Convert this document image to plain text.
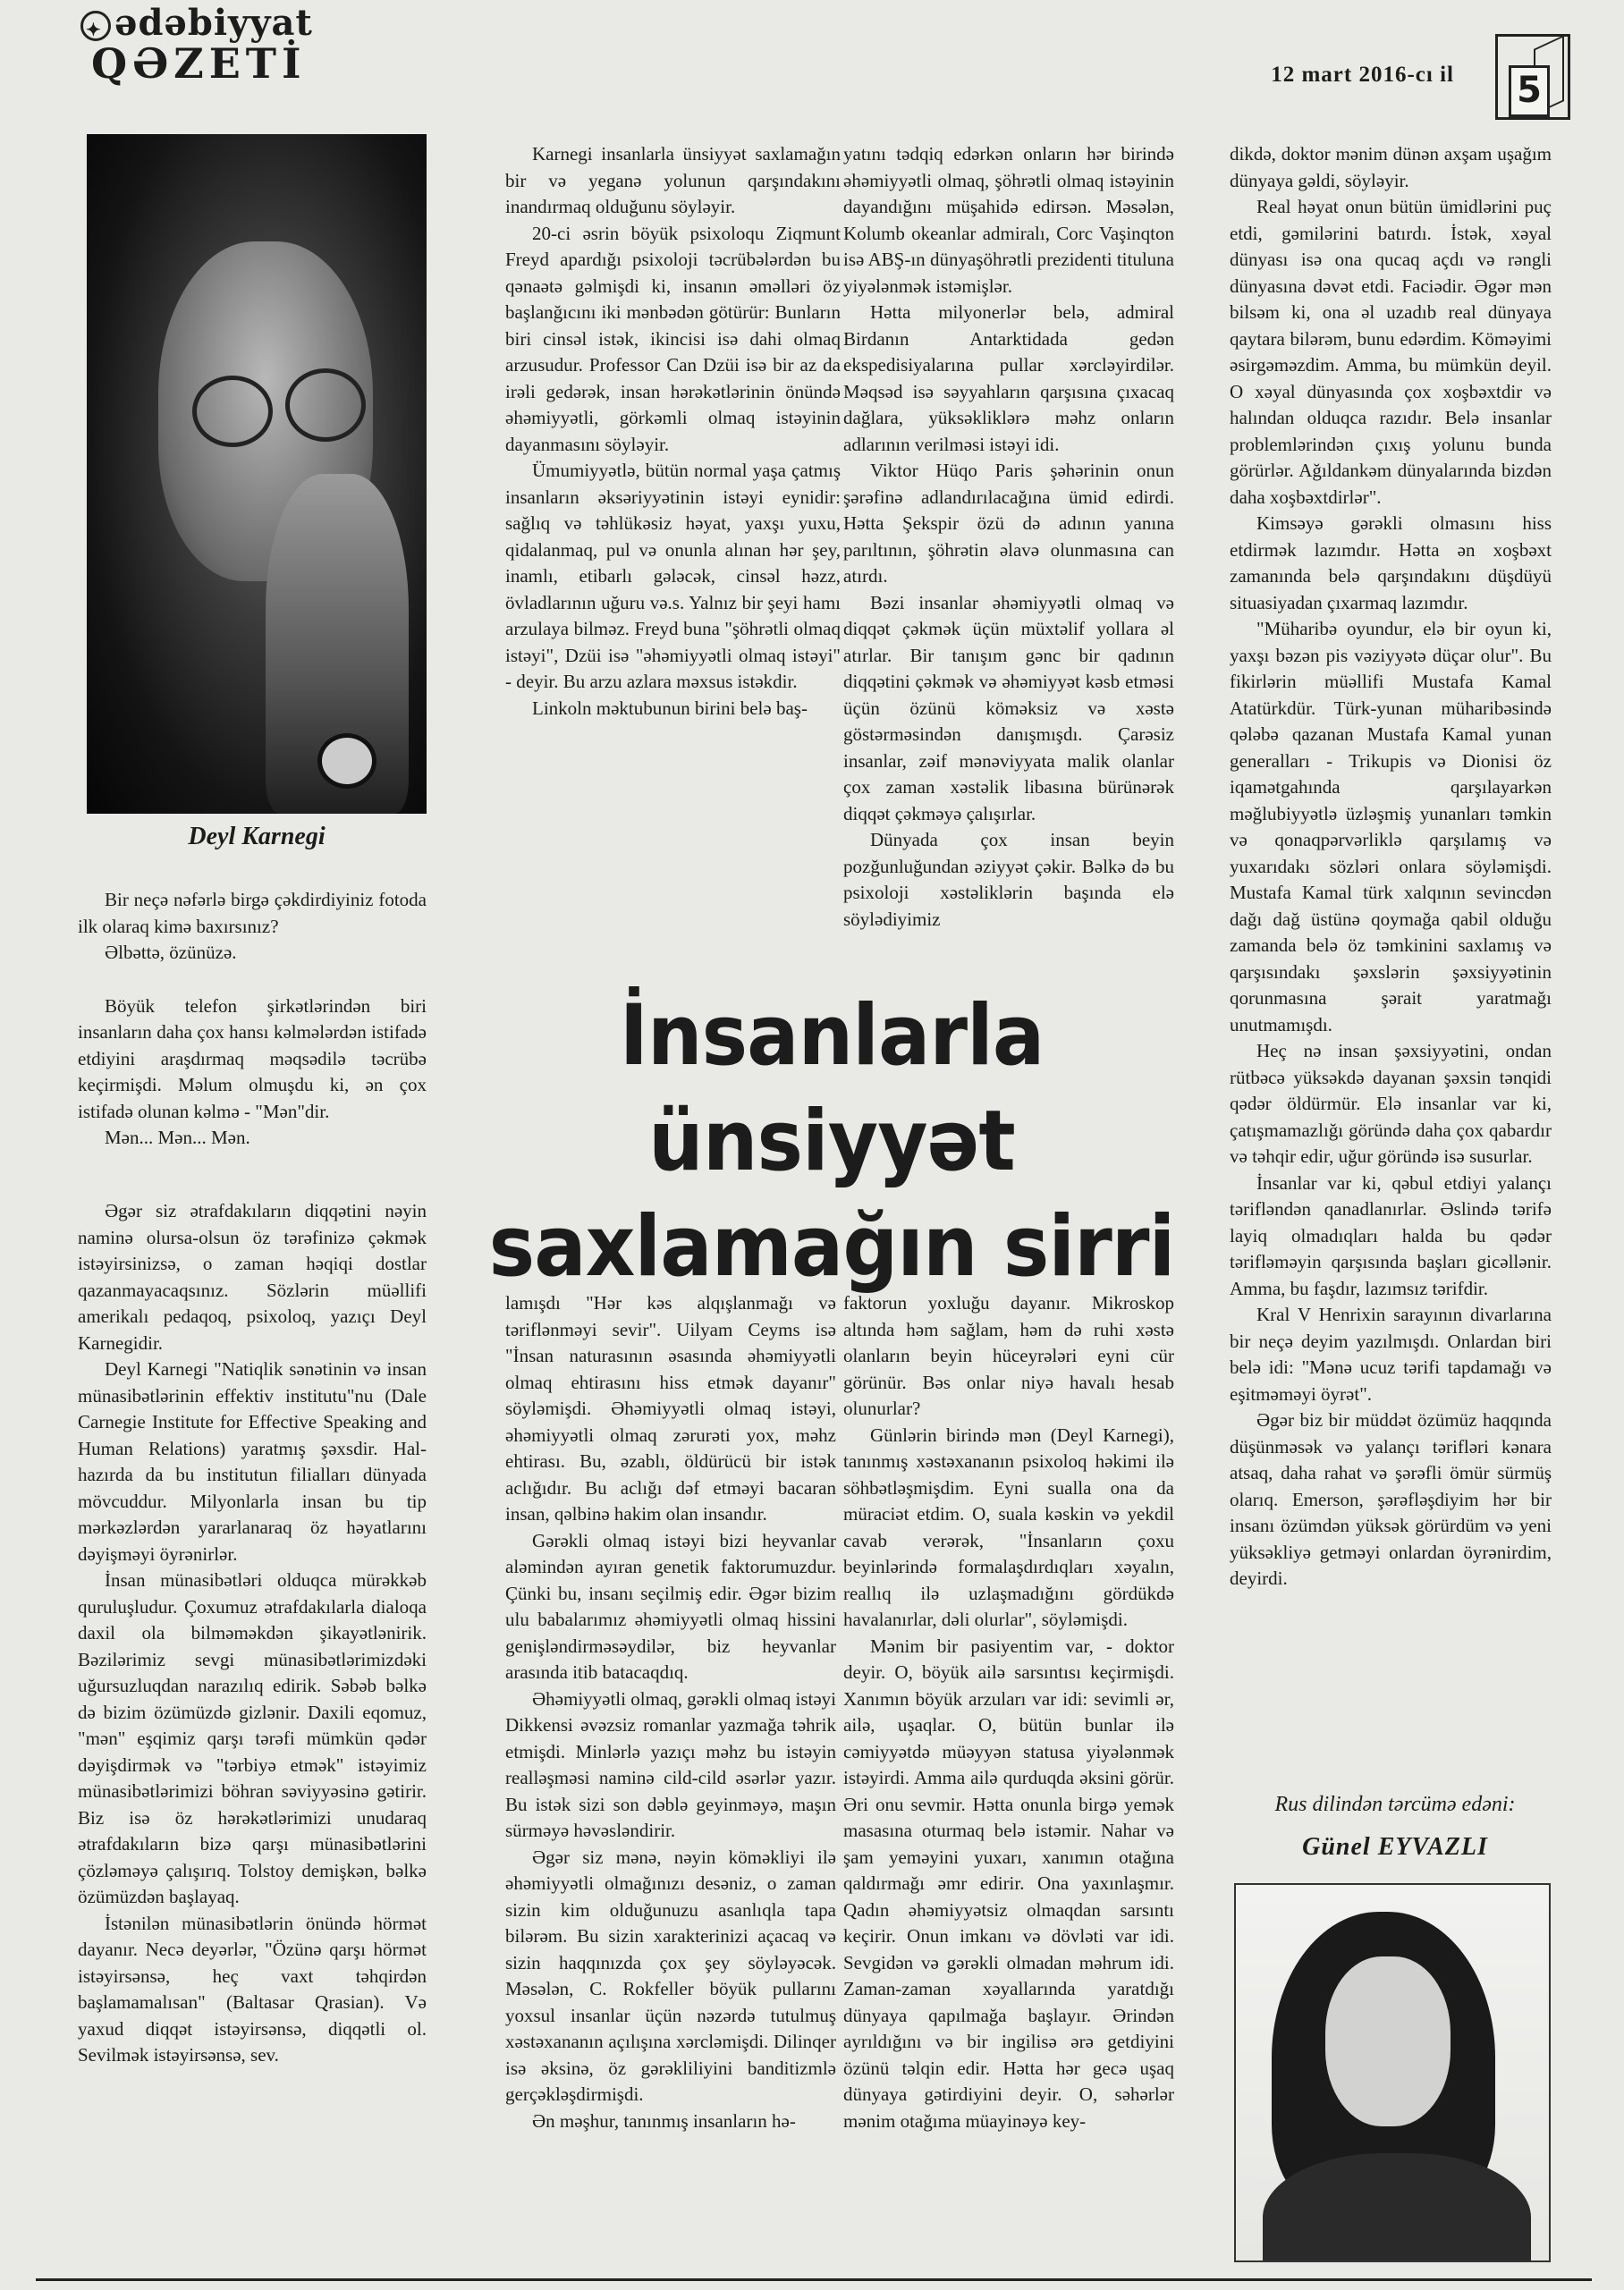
✦ədəbiyyat
QƏZETİ	12 mart 2016-cı il 5
Deyl Karnegi

Bir neçə nəfərlə birgə çəkdirdiyiniz fotoda ilk olaraq kimə baxırsınız?

Əlbəttə, özünüzə.

Böyük telefon şirkətlərindən biri insanların daha çox hansı kəlmələrdən istifadə etdiyini araşdırmaq məqsədilə təcrübə keçirmişdi. Məlum olmuşdu ki, ən çox istifadə olunan kəlmə - "Mən"dir.

Mən... Mən... Mən.

Əgər siz ətrafdakıların diqqətini nəyin naminə olursa-olsun öz tərəfinizə çəkmək istəyirsinizsə, o zaman həqiqi dostlar qazanmayacaqsınız. Sözlərin müəllifi amerikalı pedaqoq, psixoloq, yazıçı Deyl Karnegidir.

Deyl Karnegi "Natiqlik sənətinin və insan münasibətlərinin effektiv institutu"nu (Dale Carnegie Institute for Effective Speaking and Human Relations) yaratmış şəxsdir. Hal-hazırda da bu institutun filialları dünyada mövcuddur. Milyonlarla insan bu tip mərkəzlərdən yararlanaraq öz həyatlarını dəyişməyi öyrənirlər.

İnsan münasibətləri olduqca mürəkkəb quruluşludur. Çoxumuz ətrafdakılarla dialoqa daxil ola bilməməkdən şikayətlənirik. Bəzilərimiz sevgi münasibətlərimizdəki uğursuzluqdan narazılıq edirik. Səbəb bəlkə də bizim özümüzdə gizlənir. Daxili eqomuz, "mən" eşqimiz qarşı tərəfi mümkün qədər dəyişdirmək və "tərbiyə etmək" istəyimiz münasibətlərimizi böhran səviyyəsinə gətirir. Biz isə öz hərəkətlərimizi unudaraq ətrafdakıların bizə qarşı münasibətlərini çözləməyə çalışırıq. Tolstoy demişkən, bəlkə özümüzdən başlayaq.

İstənilən münasibətlərin önündə hörmət dayanır. Necə deyərlər, "Özünə qarşı hörmət istəyirsənsə, heç vaxt təhqirdən başlamamalısan" (Baltasar Qrasian). Və yaxud diqqət istəyirsənsə, diqqətli ol. Sevilmək istəyirsənsə, sev.

Karnegi insanlarla ünsiyyət saxlamağın bir və yeganə yolunun qarşındakını inandırmaq olduğunu söyləyir.

20-ci əsrin böyük psixoloqu Ziqmunt Freyd apardığı psixoloji təcrübələrdən bu qənaətə gəlmişdi ki, insanın əməlləri öz başlanğıcını iki mənbədən götürür: Bunların biri cinsəl istək, ikincisi isə dahi olmaq arzusudur. Professor Can Dzüi isə bir az da irəli gedərək, insan hərəkətlərinin önündə əhəmiyyətli, görkəmli olmaq istəyinin dayanmasını söyləyir.

Ümumiyyətlə, bütün normal yaşa çatmış insanların əksəriyyətinin istəyi eynidir: sağlıq və təhlükəsiz həyat, yaxşı yuxu, qidalanmaq, pul və onunla alınan hər şey, inamlı, etibarlı gələcək, cinsəl həzz, övladlarının uğuru və.s. Yalnız bir şeyi hamı arzulaya bilməz. Freyd buna "şöhrətli olmaq istəyi", Dzüi isə "əhəmiyyətli olmaq istəyi" - deyir. Bu arzu azlara məxsus istəkdir.

Linkoln məktubunun birini belə baş-

yatını tədqiq edərkən onların hər birində əhəmiyyətli olmaq, şöhrətli olmaq istəyinin dayandığını müşahidə edirsən. Məsələn, Kolumb okeanlar admiralı, Corc Vaşinqton isə ABŞ-ın dünyaşöhrətli prezidenti tituluna yiyələnmək istəmişlər.

Hətta milyonerlər belə, admiral Birdanın Antarktidada gedən ekspedisiyalarına pullar xərcləyirdilər. Məqsəd isə səyyahların qarşısına çıxacaq dağlara, yüksəkliklərə məhz onların adlarının verilməsi istəyi idi.

Viktor Hüqo Paris şəhərinin onun şərəfinə adlandırılacağına ümid edirdi. Hətta Şekspir özü də adının yanına parıltının, şöhrətin əlavə olunmasına can atırdı.

Bəzi insanlar əhəmiyyətli olmaq və diqqət çəkmək üçün müxtəlif yollara əl atırlar. Bir tanışım gənc bir qadının diqqətini çəkmək və əhəmiyyət kəsb etməsi üçün özünü köməksiz və xəstə göstərməsindən danışmışdı. Çarəsiz insanlar, zəif mənəviyyata malik olanlar çox zaman xəstəlik libasına bürünərək diqqət çəkməyə çalışırlar.

Dünyada çox insan beyin pozğunluğundan əziyyət çəkir. Bəlkə də bu psixoloji xəstəliklərin başında elə söylədiyimiz

İnsanlarla ünsiyyət
saxlamağın sirri

lamışdı "Hər kəs alqışlanmağı və təriflənməyi sevir". Uilyam Ceyms isə "İnsan naturasının əsasında əhəmiyyətli olmaq ehtirasını hiss etmək dayanır" söyləmişdi. Əhəmiyyətli olmaq istəyi, əhəmiyyətli olmaq zərurəti yox, məhz ehtirası. Bu, əzablı, öldürücü bir istək aclığıdır. Bu aclığı dəf etməyi bacaran insan, qəlbinə hakim olan insandır.

Gərəkli olmaq istəyi bizi heyvanlar aləmindən ayıran genetik faktorumuzdur. Çünki bu, insanı seçilmiş edir. Əgər bizim ulu babalarımız əhəmiyyətli olmaq hissini genişləndirməsəydilər, biz heyvanlar arasında itib batacaqdıq.

Əhəmiyyətli olmaq, gərəkli olmaq istəyi Dikkensi əvəzsiz romanlar yazmağa təhrik etmişdi. Minlərlə yazıçı məhz bu istəyin realləşməsi naminə cild-cild əsərlər yazır. Bu istək sizi son dəblə geyinməyə, maşın sürməyə həvəsləndirir.

Əgər siz mənə, nəyin köməkliyi ilə əhəmiyyətli olmağınızı desəniz, o zaman sizin kim olduğunuzu asanlıqla tapa bilərəm. Bu sizin xarakterinizi açacaq və sizin haqqınızda çox şey söyləyəcək. Məsələn, C. Rokfeller böyük pullarını yoxsul insanlar üçün nəzərdə tutulmuş xəstəxananın açılışına xərcləmişdi. Dilinqer isə əksinə, öz gərəkliliyini banditizmlə gerçəkləşdirmişdi.

Ən məşhur, tanınmış insanların hə-

faktorun yoxluğu dayanır. Mikroskop altında həm sağlam, həm də ruhi xəstə olanların beyin hüceyrələri eyni cür görünür. Bəs onlar niyə havalı hesab olunurlar?

Günlərin birində mən (Deyl Karnegi), tanınmış xəstəxananın psixoloq həkimi ilə söhbətləşmişdim. Eyni sualla ona da müraciət etdim. O, suala kəskin və yekdil cavab verərək, "İnsanların çoxu beyinlərində formalaşdırdıqları xəyalın, reallıq ilə uzlaşmadığını gördükdə havalanırlar, dəli olurlar", söyləmişdi.

Mənim bir pasiyentim var, - doktor deyir. O, böyük ailə sarsıntısı keçirmişdi. Xanımın böyük arzuları var idi: sevimli ər, ailə, uşaqlar. O, bütün bunlar ilə cəmiyyətdə müəyyən statusa yiyələnmək istəyirdi. Amma ailə qurduqda əksini görür. Əri onu sevmir. Hətta onunla birgə yemək masasına oturmaq belə istəmir. Nahar və şam yeməyini yuxarı, xanımın otağına qaldırmağı əmr edirir. Ona yaxınlaşmır. Qadın əhəmiyyətsiz olmaqdan sarsıntı keçirir. Onun imkanı və dövləti var idi. Sevgidən və gərəkli olmadan məhrum idi. Zaman-zaman xəyallarında yaratdığı dünyaya qapılmağa başlayır. Ərindən ayrıldığını və bir ingilisə ərə getdiyini özünü təlqin edir. Hətta hər gecə uşaq dünyaya gətirdiyini deyir. O, səhərlər mənim otağıma müayinəyə key-

dikdə, doktor mənim dünən axşam uşağım dünyaya gəldi, söyləyir.

Real həyat onun bütün ümidlərini puç etdi, gəmilərini batırdı. İstək, xəyal dünyası isə ona qucaq açdı və rəngli dünyasına dəvət etdi. Faciədir. Əgər mən bilsəm ki, ona əl uzadıb real dünyaya qaytara bilərəm, bunu edərdim. Köməyimi əsirgəməzdim. Amma, bu mümkün deyil. O xəyal dünyasında çox xoşbəxtdir və halından olduqca razıdır. Belə insanlar problemlərindən çıxış yolunu bunda görürlər. Ağıldankəm dünyalarında bizdən daha xoşbəxtdirlər".

Kimsəyə gərəkli olmasını hiss etdirmək lazımdır. Hətta ən xoşbəxt zamanında belə qarşındakını düşdüyü situasiyadan çıxarmaq lazımdır.

"Müharibə oyundur, elə bir oyun ki, yaxşı bəzən pis vəziyyətə düçar olur". Bu fikirlərin müəllifi Mustafa Kamal Atatürkdür. Türk-yunan müharibəsində qələbə qazanan Mustafa Kamal yunan generalları - Trikupis və Dionisi öz iqamətgahında qarşılayarkən məğlubiyyətlə üzləşmiş yunanları təmkin və qonaqpərvərliklə qarşılamış və yuxarıdakı sözləri onlara söyləmişdi. Mustafa Kamal türk xalqının sevincdən dağı dağ üstünə qoymağa qabil olduğu zamanda belə öz təmkinini saxlamış və qarşısındakı şəxslərin şəxsiyyətinin qorunmasına şərait yaratmağı unutmamışdı.

Heç nə insan şəxsiyyətini, ondan rütbəcə yüksəkdə dayanan şəxsin tənqidi qədər öldürmür. Elə insanlar var ki, çatışmamazlığı göründə daha çox qabardır və təhqir edir, uğur göründə isə susurlar.

İnsanlar var ki, qəbul etdiyi yalançı tərifləndən qanadlanırlar. Əslində tərifə layiq olmadıqları halda bu qədər tərifləməyin qarşısında başları gicəllənir. Amma, bu faşdır, lazımsız tərifdir.

Kral V Henrixin sarayının divarlarına bir neçə deyim yazılmışdı. Onlardan biri belə idi: "Mənə ucuz tərifi tapdamağı və eşitməməyi öyrət".

Əgər biz bir müddət özümüz haqqında düşünməsək və yalançı tərifləri kənara atsaq, daha rahat və şərəfli ömür sürmüş olarıq. Emerson, şərəfləşdiyim hər bir insanı özümdən yüksək görürdüm və yeni yüksəkliyə getməyi onlardan öyrənirdim, deyirdi.

Rus dilindən tərcümə edəni:
Günel EYVAZLI
